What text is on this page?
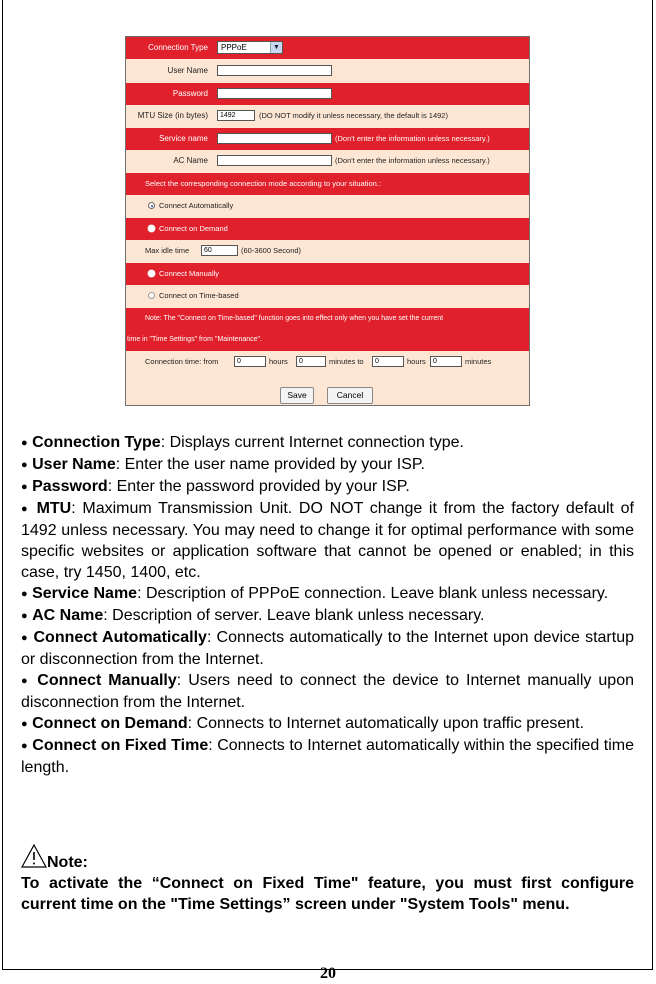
Connection Type	PPPoE	▼
User Name
Password
MTU Size (in bytes)	1492	(DO NOT modify it unless necessary, the default is 1492)
Service name	(Don't enter the information unless necessary.)
AC Name	(Don't enter the information unless necessary.)
Select the corresponding connection mode according to your situation.:
Connect Automatically
Connect on Demand
Max idle time	60	(60-3600 Second)
Connect Manually
Connect on Time-based
Note: The "Connect on Time-based" function goes into effect only when you have set the current
time in "Time Settings" from "Maintenance".
Connection time: from	0	hours	0	minutes to	0	hours	0	minutes
Save	Cancel

● Connection Type: Displays current Internet connection type.

● User Name: Enter the user name provided by your ISP.

● Password: Enter the password provided by your ISP.

● MTU: Maximum Transmission Unit. DO NOT change it from the factory default of 1492 unless necessary. You may need to change it for optimal performance with some specific websites or application software that cannot be opened or enabled; in this case, try 1450, 1400, etc.

● Service Name: Description of PPPoE connection. Leave blank unless necessary.

● AC Name: Description of server. Leave blank unless necessary.

● Connect Automatically: Connects automatically to the Internet upon device startup or disconnection from the Internet.

● Connect Manually: Users need to connect the device to Internet manually upon disconnection from the Internet.

● Connect on Demand: Connects to Internet automatically upon traffic present.

● Connect on Fixed Time: Connects to Internet automatically within the specified time length.

Note:
To activate the “Connect on Fixed Time" feature, you must first configure current time on the "Time Settings” screen under "System Tools" menu.
20
